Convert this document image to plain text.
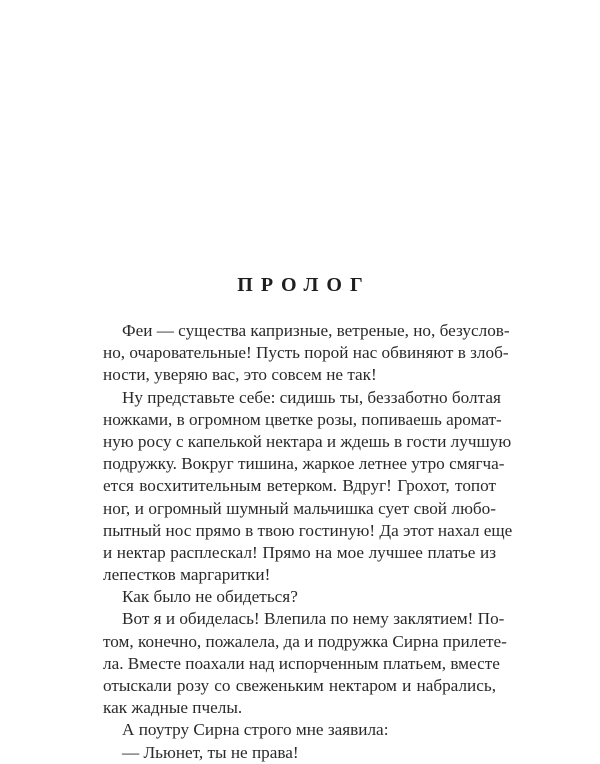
ПРОЛОГ
Феи — существа капризные, ветреные, но, безуслов-
но, очаровательные! Пусть порой нас обвиняют в злоб-
ности, уверяю вас, это совсем не так!
Ну представьте себе: сидишь ты, беззаботно болтая
ножками, в огромном цветке розы, попиваешь аромат-
ную росу с капелькой нектара и ждешь в гости лучшую
подружку. Вокруг тишина, жаркое летнее утро смягча-
ется восхитительным ветерком. Вдруг! Грохот, топот
ног, и огромный шумный мальчишка сует свой любо-
пытный нос прямо в твою гостиную! Да этот нахал еще
и нектар расплескал! Прямо на мое лучшее платье из
лепестков маргаритки!
Как было не обидеться?
Вот я и обиделась! Влепила по нему заклятием! По-
том, конечно, пожалела, да и подружка Сирна прилете-
ла. Вместе поахали над испорченным платьем, вместе
отыскали розу со свеженьким нектаром и набрались,
как жадные пчелы.
А поутру Сирна строго мне заявила:
— Льюнет, ты не права!
